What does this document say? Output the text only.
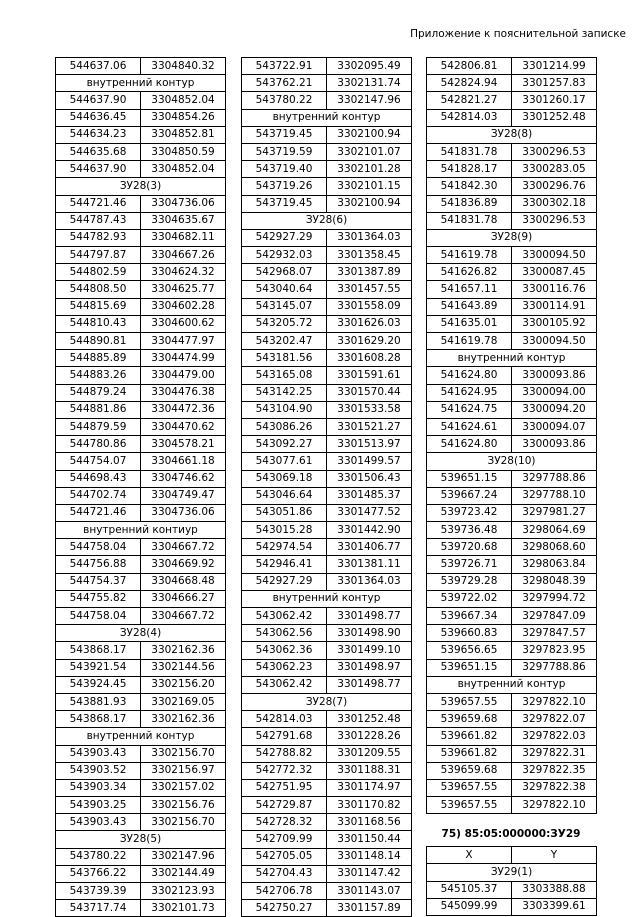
Приложение к пояснительной записке
544637.06	3304840.32
внутренний контур	
544637.90	3304852.04
544636.45	3304854.26
544634.23	3304852.81
544635.68	3304850.59
544637.90	3304852.04
ЗУ28(3)	
544721.46	3304736.06
544787.43	3304635.67
544782.93	3304682.11
544797.87	3304667.26
544802.59	3304624.32
544808.50	3304625.77
544815.69	3304602.28
544810.43	3304600.62
544890.81	3304477.97
544885.89	3304474.99
544883.26	3304479.00
544879.24	3304476.38
544881.86	3304472.36
544879.59	3304470.62
544780.86	3304578.21
544754.07	3304661.18
544698.43	3304746.62
544702.74	3304749.47
544721.46	3304736.06
внутренний контиур	
544758.04	3304667.72
544756.88	3304669.92
544754.37	3304668.48
544755.82	3304666.27
544758.04	3304667.72
ЗУ28(4)	
543868.17	3302162.36
543921.54	3302144.56
543924.45	3302156.20
543881.93	3302169.05
543868.17	3302162.36
внутренний контур	
543903.43	3302156.70
543903.52	3302156.97
543903.34	3302157.02
543903.25	3302156.76
543903.43	3302156.70
ЗУ28(5)	
543780.22	3302147.96
543766.22	3302144.49
543739.39	3302123.93
543717.74	3302101.73
543722.91	3302095.49
543762.21	3302131.74
543780.22	3302147.96
внутренний контур	
543719.45	3302100.94
543719.59	3302101.07
543719.40	3302101.28
543719.26	3302101.15
543719.45	3302100.94
ЗУ28(6)	
542927.29	3301364.03
542932.03	3301358.45
542968.07	3301387.89
543040.64	3301457.55
543145.07	3301558.09
543205.72	3301626.03
543202.47	3301629.20
543181.56	3301608.28
543165.08	3301591.61
543142.25	3301570.44
543104.90	3301533.58
543086.26	3301521.27
543092.27	3301513.97
543077.61	3301499.57
543069.18	3301506.43
543046.64	3301485.37
543051.86	3301477.52
543015.28	3301442.90
542974.54	3301406.77
542946.41	3301381.11
542927.29	3301364.03
внутренний контур	
543062.42	3301498.77
543062.56	3301498.90
543062.36	3301499.10
543062.23	3301498.97
543062.42	3301498.77
ЗУ28(7)	
542814.03	3301252.48
542791.68	3301228.26
542788.82	3301209.55
542772.32	3301188.31
542751.95	3301174.97
542729.87	3301170.82
542728.32	3301168.56
542709.99	3301150.44
542705.05	3301148.14
542704.43	3301147.42
542706.78	3301143.07
542750.27	3301157.89
542806.81	3301214.99
542824.94	3301257.83
542821.27	3301260.17
542814.03	3301252.48
ЗУ28(8)	
541831.78	3300296.53
541828.17	3300283.05
541842.30	3300296.76
541836.89	3300302.18
541831.78	3300296.53
ЗУ28(9)	
541619.78	3300094.50
541626.82	3300087.45
541657.11	3300116.76
541643.89	3300114.91
541635.01	3300105.92
541619.78	3300094.50
внутренний контур	
541624.80	3300093.86
541624.95	3300094.00
541624.75	3300094.20
541624.61	3300094.07
541624.80	3300093.86
ЗУ28(10)	
539651.15	3297788.86
539667.24	3297788.10
539723.42	3297981.27
539736.48	3298064.69
539720.68	3298068.60
539726.71	3298063.84
539729.28	3298048.39
539722.02	3297994.72
539667.34	3297847.09
539660.83	3297847.57
539656.65	3297823.95
539651.15	3297788.86
внутренний контур	
539657.55	3297822.10
539659.68	3297822.07
539661.82	3297822.03
539661.82	3297822.31
539659.68	3297822.35
539657.55	3297822.38
539657.55	3297822.10
75) 85:05:000000:ЗУ29
X	Y
ЗУ29(1)	
545105.37	3303388.88
545099.99	3303399.61
